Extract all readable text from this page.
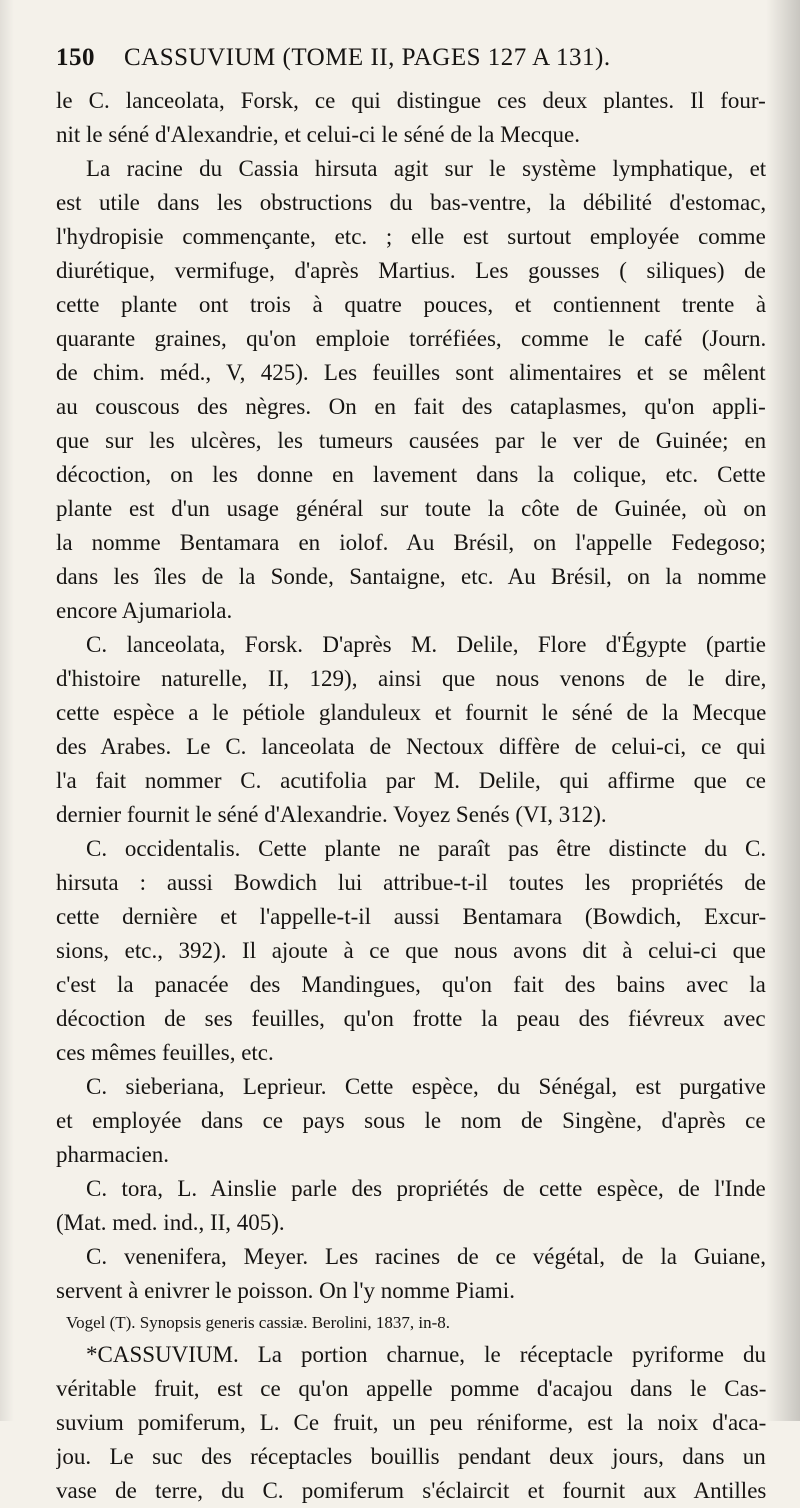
150	CASSUVIUM (TOME II, PAGES 127 A 131).
le C. lanceolata, Forsk, ce qui distingue ces deux plantes. Il four-
nit le séné d'Alexandrie, et celui-ci le séné de la Mecque.
La racine du Cassia hirsuta agit sur le système lymphatique, et
est utile dans les obstructions du bas-ventre, la débilité d'estomac,
l'hydropisie commençante, etc. ; elle est surtout employée comme
diurétique, vermifuge, d'après Martius. Les gousses ( siliques) de
cette plante ont trois à quatre pouces, et contiennent trente à
quarante graines, qu'on emploie torréfiées, comme le café (Journ.
de chim. méd., V, 425). Les feuilles sont alimentaires et se mêlent
au couscous des nègres. On en fait des cataplasmes, qu'on appli-
que sur les ulcères, les tumeurs causées par le ver de Guinée; en
décoction, on les donne en lavement dans la colique, etc. Cette
plante est d'un usage général sur toute la côte de Guinée, où on
la nomme Bentamara en iolof. Au Brésil, on l'appelle Fedegoso;
dans les îles de la Sonde, Santaigne, etc. Au Brésil, on la nomme
encore Ajumariola.
C. lanceolata, Forsk. D'après M. Delile, Flore d'Égypte (partie
d'histoire naturelle, II, 129), ainsi que nous venons de le dire,
cette espèce a le pétiole glanduleux et fournit le séné de la Mecque
des Arabes. Le C. lanceolata de Nectoux diffère de celui-ci, ce qui
l'a fait nommer C. acutifolia par M. Delile, qui affirme que ce
dernier fournit le séné d'Alexandrie. Voyez Senés (VI, 312).
C. occidentalis. Cette plante ne paraît pas être distincte du C.
hirsuta : aussi Bowdich lui attribue-t-il toutes les propriétés de
cette dernière et l'appelle-t-il aussi Bentamara (Bowdich, Excur-
sions, etc., 392). Il ajoute à ce que nous avons dit à celui-ci que
c'est la panacée des Mandingues, qu'on fait des bains avec la
décoction de ses feuilles, qu'on frotte la peau des fiévreux avec
ces mêmes feuilles, etc.
C. sieberiana, Leprieur. Cette espèce, du Sénégal, est purgative
et employée dans ce pays sous le nom de Singène, d'après ce
pharmacien.
C. tora, L. Ainslie parle des propriétés de cette espèce, de l'Inde
(Mat. med. ind., II, 405).
C. venenifera, Meyer. Les racines de ce végétal, de la Guiane,
servent à enivrer le poisson. On l'y nomme Piami.
Vogel (T). Synopsis generis cassiæ. Berolini, 1837, in-8.
*CASSUVIUM. La portion charnue, le réceptacle pyriforme du
véritable fruit, est ce qu'on appelle pomme d'acajou dans le Cas-
suvium pomiferum, L. Ce fruit, un peu réniforme, est la noix d'aca-
jou. Le suc des réceptacles bouillis pendant deux jours, dans un
vase de terre, du C. pomiferum s'éclaircit et fournit aux Antilles
